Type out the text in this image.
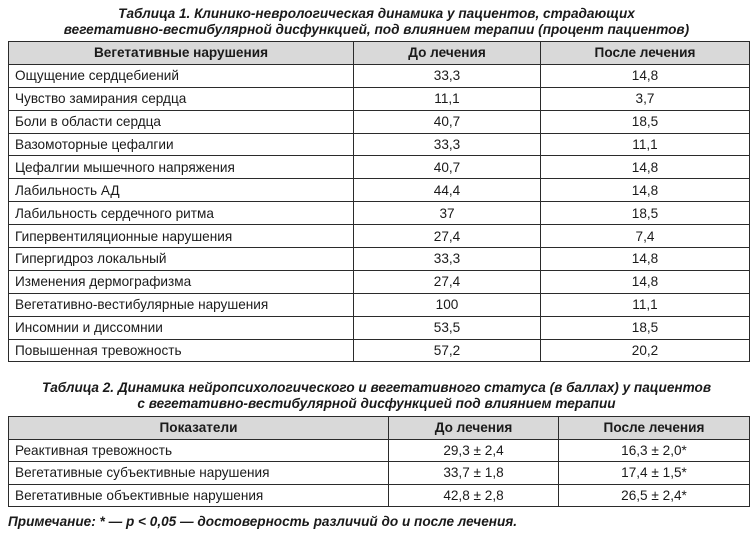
Таблица 1. Клинико-неврологическая динамика у пациентов, страдающих
вегетативно-вестибулярной дисфункцией, под влиянием терапии (процент пациентов)
Вегетативные нарушения	До лечения	После лечения
Ощущение сердцебиений	33,3	14,8
Чувство замирания сердца	11,1	3,7
Боли в области сердца	40,7	18,5
Вазомоторные цефалгии	33,3	11,1
Цефалгии мышечного напряжения	40,7	14,8
Лабильность АД	44,4	14,8
Лабильность сердечного ритма	37	18,5
Гипервентиляционные нарушения	27,4	7,4
Гипергидроз локальный	33,3	14,8
Изменения дермографизма	27,4	14,8
Вегетативно-вестибулярные нарушения	100	11,1
Инсомнии и диссомнии	53,5	18,5
Повышенная тревожность	57,2	20,2
Таблица 2. Динамика нейропсихологического и вегетативного статуса (в баллах) у пациентов
с вегетативно-вестибулярной дисфункцией под влиянием терапии
Показатели	До лечения	После лечения
Реактивная тревожность	29,3 ± 2,4	16,3 ± 2,0*
Вегетативные субъективные нарушения	33,7 ± 1,8	17,4 ± 1,5*
Вегетативные объективные нарушения	42,8 ± 2,8	26,5 ± 2,4*
Примечание: * — p < 0,05 — достоверность различий до и после лечения.
